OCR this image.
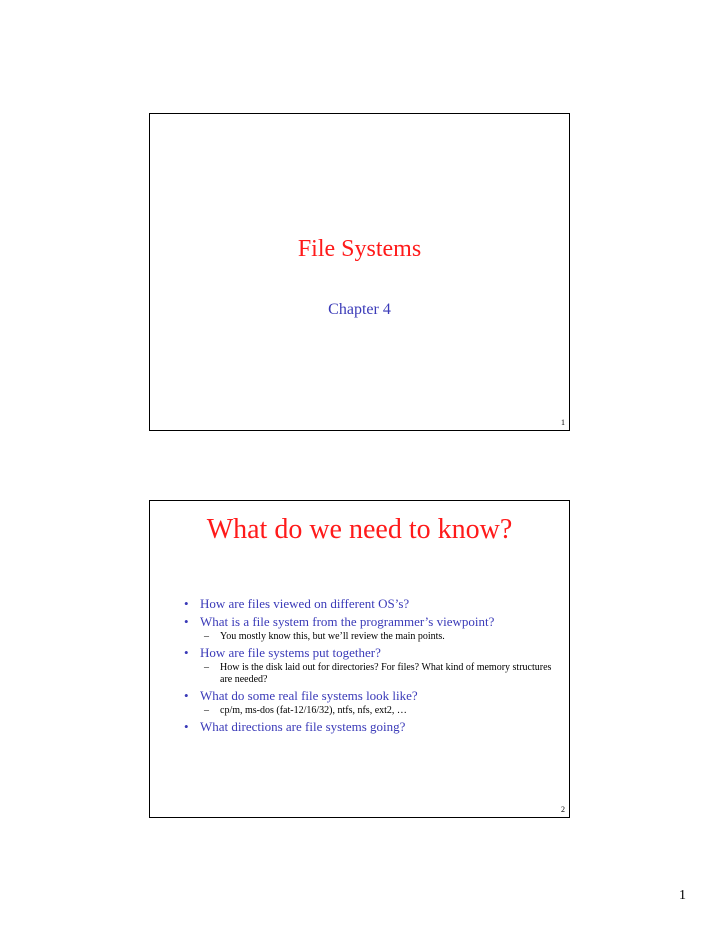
File Systems
Chapter 4
1
What do we need to know?
• How are files viewed on different OS’s?
• What is a file system from the programmer’s viewpoint?
– You mostly know this, but we’ll review the main points.
• How are file systems put together?
– How is the disk laid out for directories? For files? What kind of memory structures are needed?
• What do some real file systems look like?
– cp/m, ms-dos (fat-12/16/32), ntfs, nfs, ext2, …
• What directions are file systems going?
2
1
